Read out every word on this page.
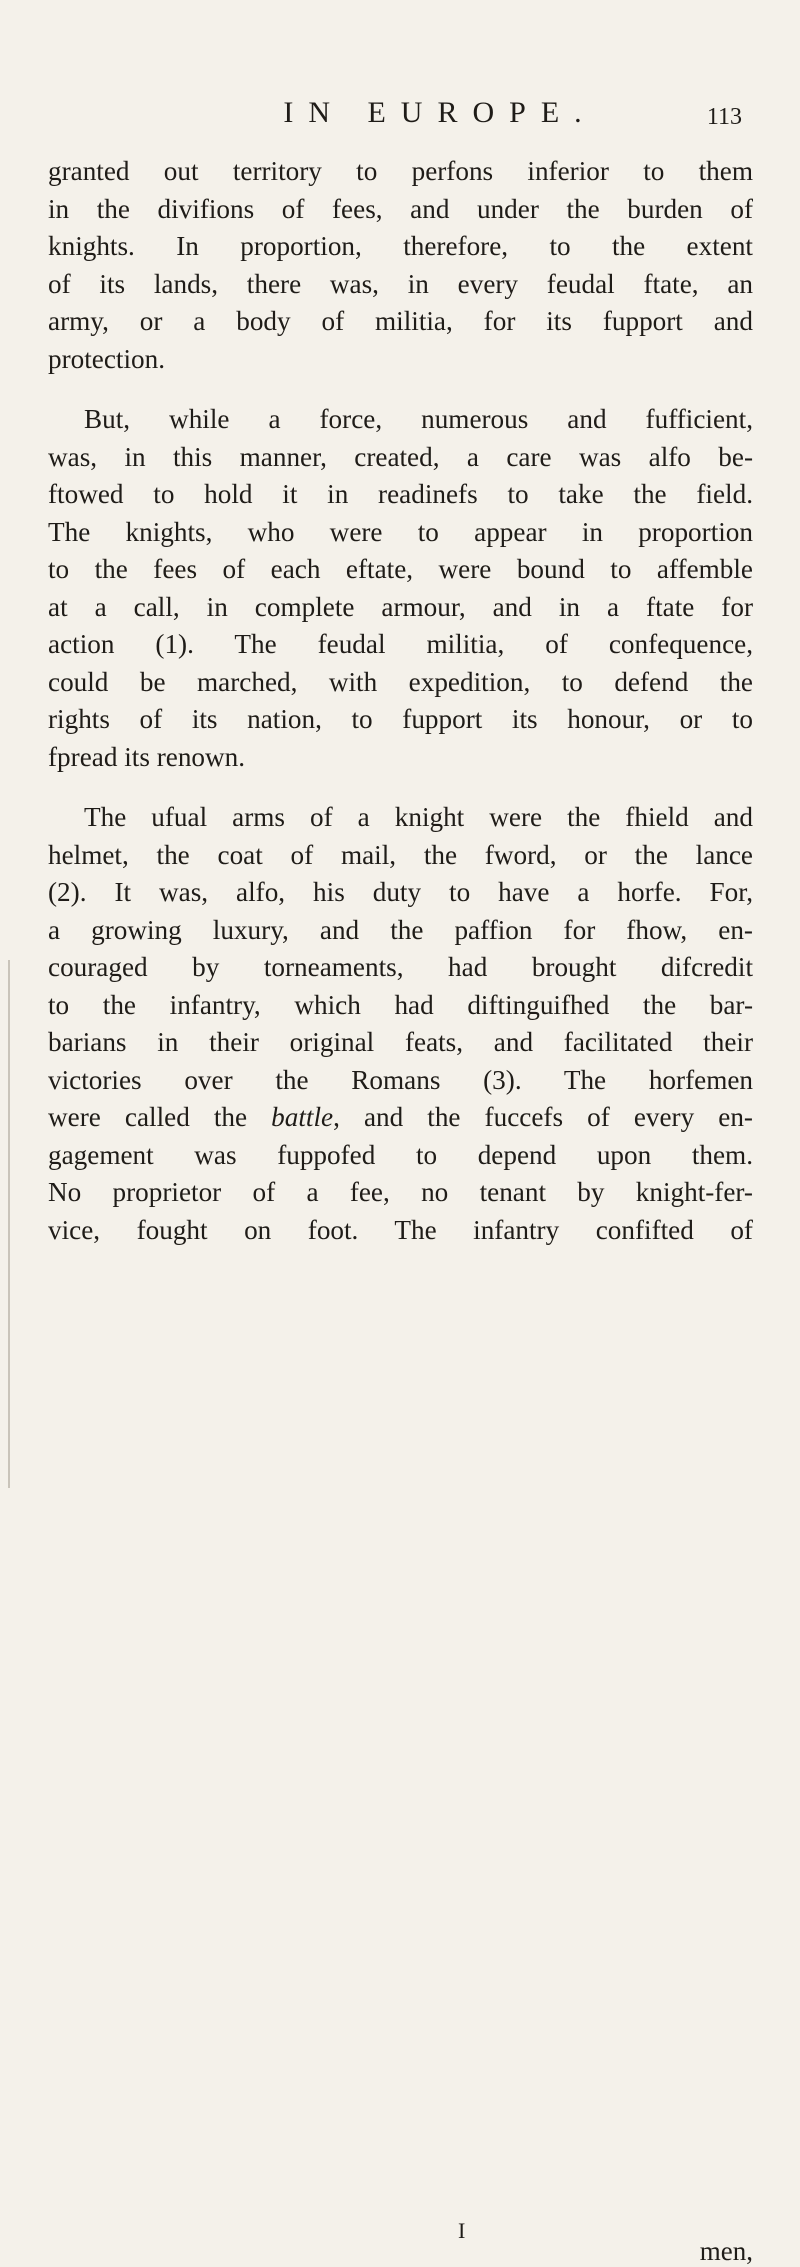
IN EUROPE.	113
granted out territory to perfons inferior to them
in the divifions of fees, and under the burden of
knights. In proportion, therefore, to the extent
of its lands, there was, in every feudal ftate, an
army, or a body of militia, for its fupport and
protection.
But, while a force, numerous and fufficient,
was, in this manner, created, a care was alfo be-
ftowed to hold it in readinefs to take the field.
The knights, who were to appear in proportion
to the fees of each eftate, were bound to affemble
at a call, in complete armour, and in a ftate for
action (1). The feudal militia, of confequence,
could be marched, with expedition, to defend the
rights of its nation, to fupport its honour, or to
fpread its renown.
The ufual arms of a knight were the fhield and
helmet, the coat of mail, the fword, or the lance
(2). It was, alfo, his duty to have a horfe. For,
a growing luxury, and the paffion for fhow, en-
couraged by torneaments, had brought difcredit
to the infantry, which had diftinguifhed the bar-
barians in their original feats, and facilitated their
victories over the Romans (3). The horfemen
were called the battle, and the fuccefs of every en-
gagement was fuppofed to depend upon them.
No proprietor of a fee, no tenant by knight-fer-
vice, fought on foot. The infantry confifted of
I
men,
